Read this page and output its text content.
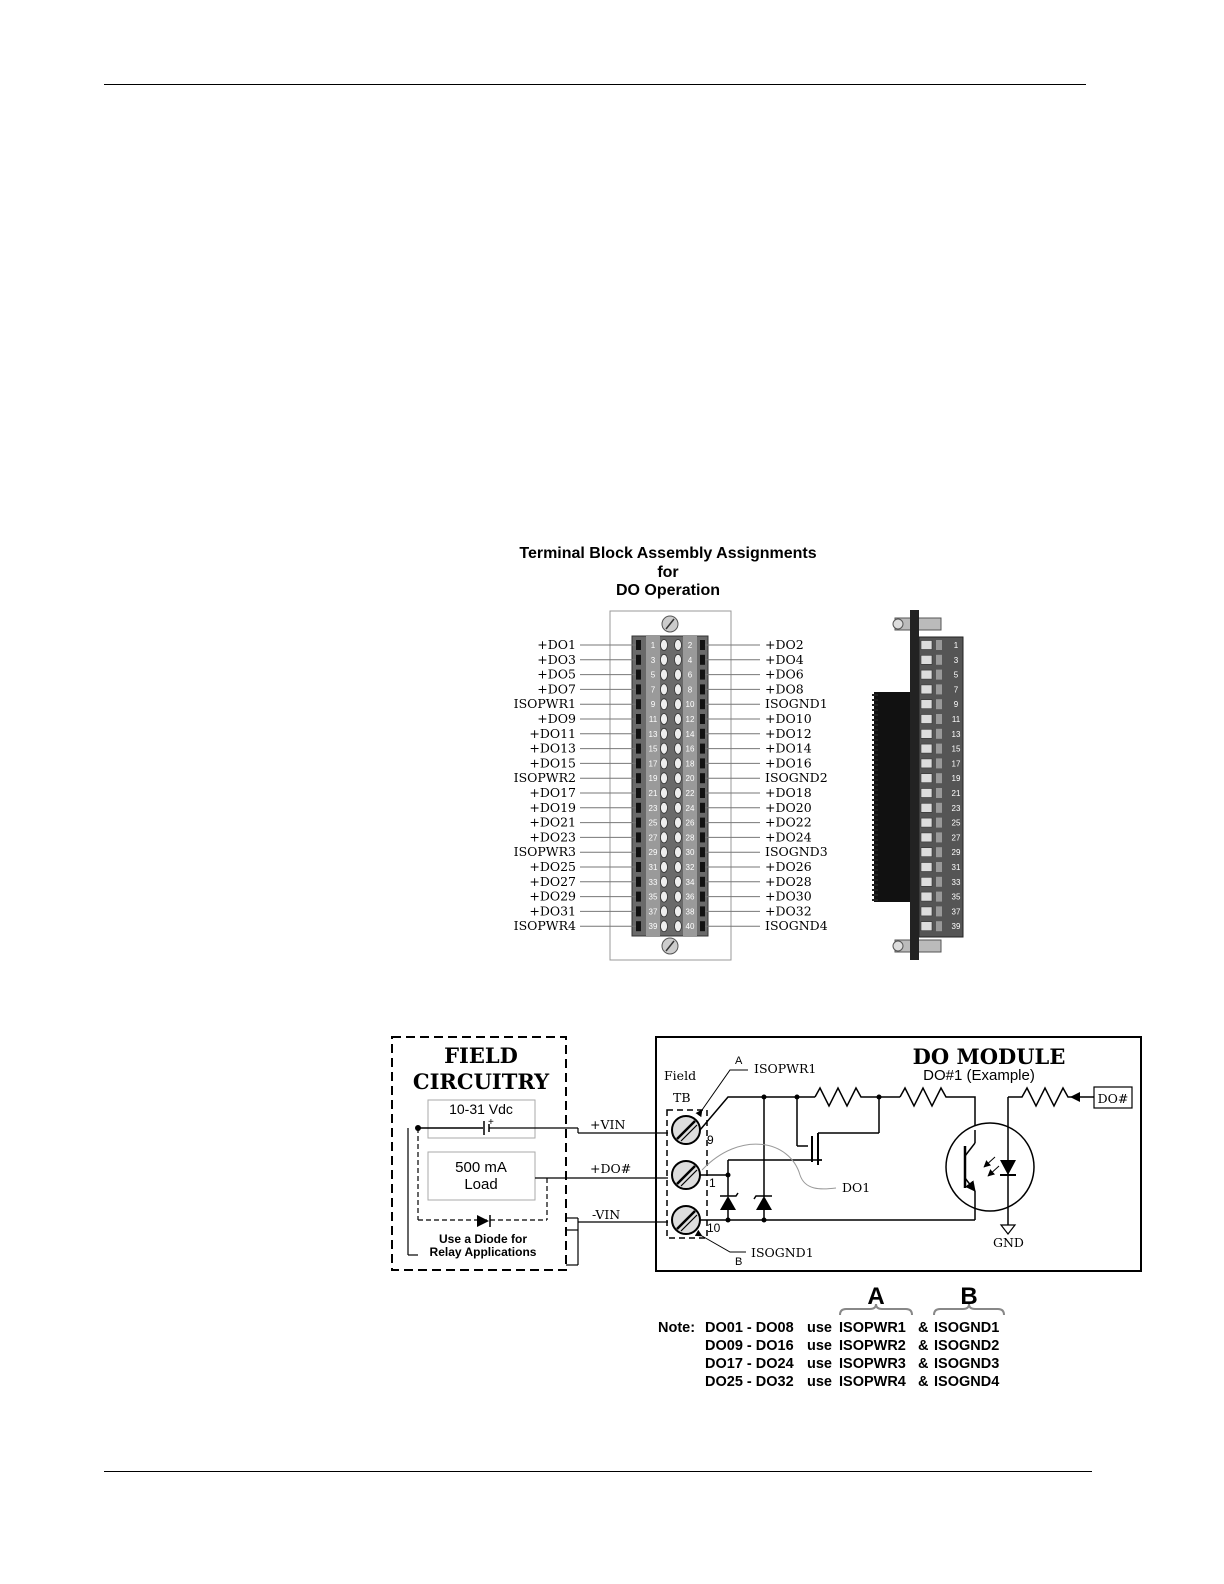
Terminal Block Assembly Assignments
for
DO Operation
+DO1	+DO2
1	2
+DO3	+DO4
3	4
+DO5	+DO6
5	6
+DO7	+DO8
7	8
ISOPWR1	ISOGND1
9	10
+DO9	+DO10
11	12
+DO11	+DO12
13	14
+DO13	+DO14
15	16
+DO15	+DO16
17	18
ISOPWR2	ISOGND2
19	20
+DO17	+DO18
21	22
+DO19	+DO20
23	24
+DO21	+DO22
25	26
+DO23	+DO24
27	28
ISOPWR3	ISOGND3
29	30
+DO25	+DO26
31	32
+DO27	+DO28
33	34
+DO29	+DO30
35	36
+DO31	+DO32
37	38
ISOPWR4	ISOGND4
39	40
1
3
5
7
9
11
13
15
17
19
21
23
25
27
29
31
33
35
37
39
FIELD
CIRCUITRY
10-31 Vdc
+
500 mA
Load
Use a Diode for
Relay Applications
+VIN
+DO#
-VIN
DO MODULE
DO#1 (Example)
Field
TB
9
1
10
A ISOPWR1
B
ISOGND1
DO1
GND
DO#
A	B
Note: DO01 - DO08 use ISOPWR1 & ISOGND1
DO09 - DO16 use ISOPWR2 & ISOGND2
DO17 - DO24 use ISOPWR3 & ISOGND3
DO25 - DO32 use ISOPWR4 & ISOGND4
